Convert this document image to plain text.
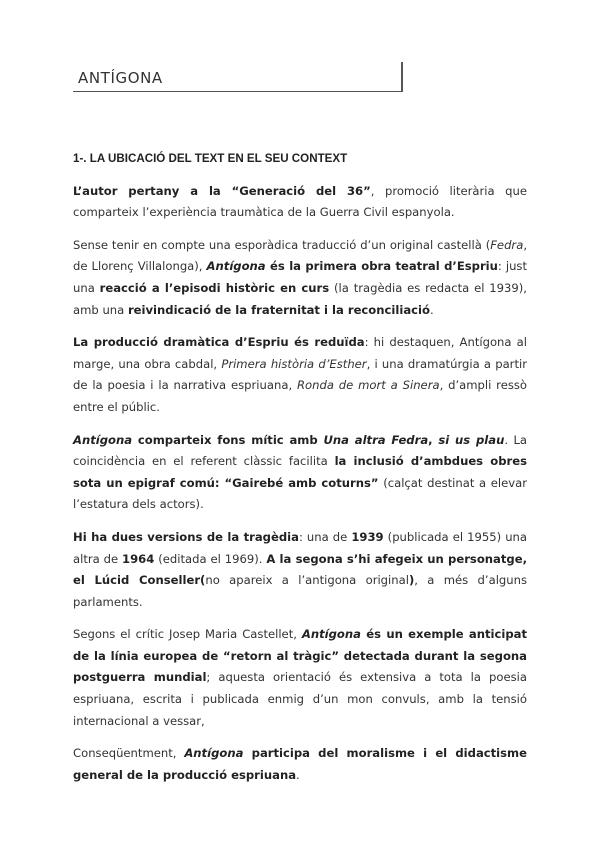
ANTÍGONA
1-. LA UBICACIÓ DEL TEXT EN EL SEU CONTEXT

L’autor pertany a la “Generació del 36”, promoció literària que comparteix l’experiència traumàtica de la Guerra Civil espanyola.

Sense tenir en compte una esporàdica traducció d’un original castellà (Fedra, de Llorenç Villalonga), Antígona és la primera obra teatral d’Espriu: just una reacció a l’episodi històric en curs (la tragèdia es redacta el 1939), amb una reivindicació de la fraternitat i la reconciliació.

La producció dramàtica d’Espriu és reduïda: hi destaquen, Antígona al marge, una obra cabdal, Primera història d’Esther, i una dramatúrgia a partir de la poesia i la narrativa espriuana, Ronda de mort a Sinera, d’ampli ressò entre el públic.

Antígona comparteix fons mític amb Una altra Fedra, si us plau. La coincidència en el referent clàssic facilita la inclusió d’ambdues obres sota un epigraf comú: “Gairebé amb coturns” (calçat destinat a elevar l’estatura dels actors).

Hi ha dues versions de la tragèdia: una de 1939 (publicada el 1955) una altra de 1964 (editada el 1969). A la segona s’hi afegeix un personatge, el Lúcid Conseller(no apareix a l’antigona original), a més d’alguns parlaments.

Segons el crític Josep Maria Castellet, Antígona és un exemple anticipat de la línia europea de “retorn al tràgic” detectada durant la segona postguerra mundial; aquesta orientació és extensiva a tota la poesia espriuana, escrita i publicada enmig d’un mon convuls, amb la tensió internacional a vessar,

Conseqüentment, Antígona participa del moralisme i el didactisme general de la producció espriuana.
